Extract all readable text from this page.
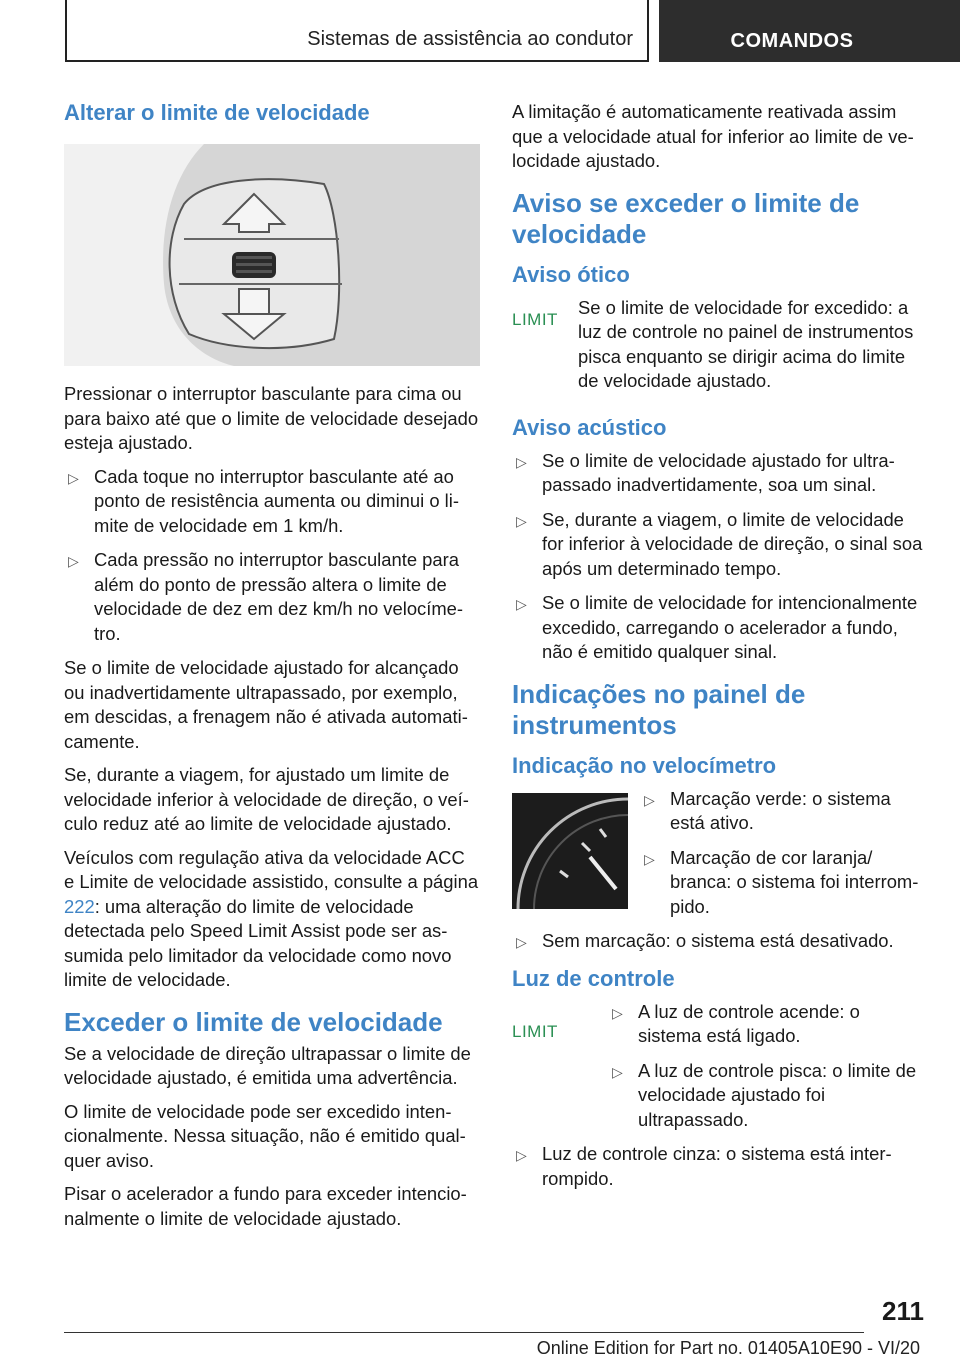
Sistemas de assistência ao condutor	COMANDOS
Alterar o limite de velocidade

Pressionar o interruptor basculante para cima ou para baixo até que o limite de velocidade desejado esteja ajustado.

▷ Cada toque no interruptor basculante até ao ponto de resistência aumenta ou diminui o limite de velocidade em 1 km/h.
▷ Cada pressão no interruptor basculante para além do ponto de pressão altera o limite de velocidade de dez em dez km/h no velocímetro.

Se o limite de velocidade ajustado for alcançado ou inadvertidamente ultrapassado, por exemplo, em descidas, a frenagem não é ativada automaticamente.

Se, durante a viagem, for ajustado um limite de velocidade inferior à velocidade de direção, o veículo reduz até ao limite de velocidade ajustado.

Veículos com regulação ativa da velocidade ACC e Limite de velocidade assistido, consulte a página 222: uma alteração do limite de velocidade detectada pelo Speed Limit Assist pode ser assumida pelo limitador da velocidade como novo limite de velocidade.

Exceder o limite de velocidade

Se a velocidade de direção ultrapassar o limite de velocidade ajustado, é emitida uma advertência.

O limite de velocidade pode ser excedido intencionalmente. Nessa situação, não é emitido qualquer aviso.

Pisar o acelerador a fundo para exceder intencionalmente o limite de velocidade ajustado.

A limitação é automaticamente reativada assim que a velocidade atual for inferior ao limite de velocidade ajustado.

Aviso se exceder o limite de velocidade
Aviso ótico
LIMIT

Se o limite de velocidade for excedido: a luz de controle no painel de instrumentos pisca enquanto se dirigir acima do limite de velocidade ajustado.

Aviso acústico
▷ Se o limite de velocidade ajustado for ultrapassado inadvertidamente, soa um sinal.
▷ Se, durante a viagem, o limite de velocidade for inferior à velocidade de direção, o sinal soa após um determinado tempo.
▷ Se o limite de velocidade for intencionalmente excedido, carregando o acelerador a fundo, não é emitido qualquer sinal.
Indicações no painel de instrumentos
Indicação no velocímetro
▷ Marcação verde: o sistema está ativo.
▷ Marcação de cor laranja/ branca: o sistema foi interrompido.
▷ Sem marcação: o sistema está desativado.
Luz de controle
LIMIT
▷ A luz de controle acende: o sistema está ligado.
▷ A luz de controle pisca: o limite de velocidade ajustado foi ultrapassado.
▷ Luz de controle cinza: o sistema está interrompido.
211
Online Edition for Part no. 01405A10E90 - VI/20
